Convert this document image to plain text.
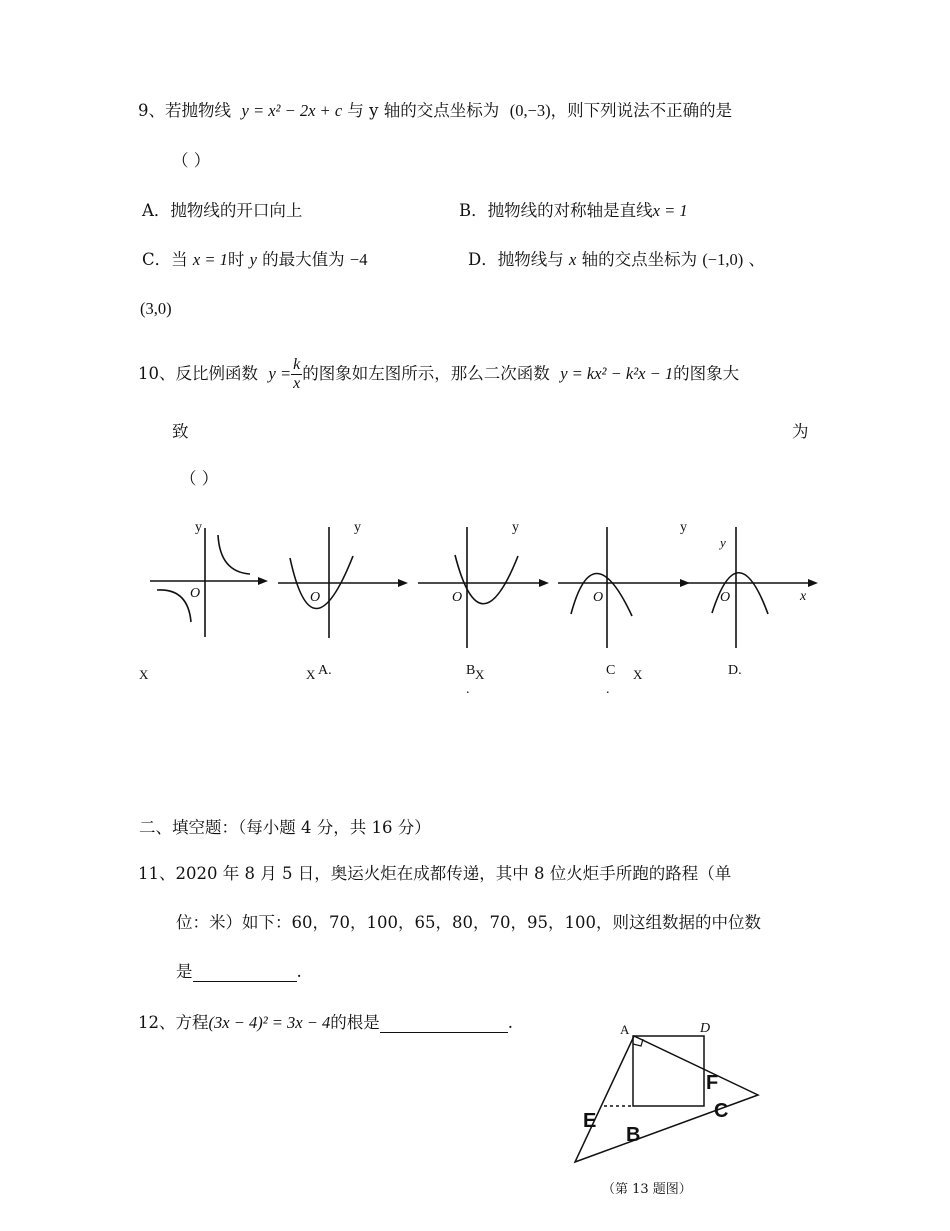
9、若抛物线 y = x² − 2x + c 与 y 轴的交点坐标为 (0,−3)，则下列说法不正确的是
（ ）
A．抛物线的开口向上	B．抛物线的对称轴是直线x = 1
C．当 x = 1时 y 的最大值为 −4	D．抛物线与 x 轴的交点坐标为 (−1,0) 、
(3,0)
10、反比例函数 $y = \frac{k}{x}$ 的图象如左图所示，那么二次函数 y = kx² − k²x − 1的图象大
致	为
（ ）
y	y	y	y
y
O	O	O	O	O	x
X	X A.	B X
.
C
.
X	D.
二、填空题：（每小题 4 分，共 16 分）
11、2020 年 8 月 5 日，奥运火炬在成都传递，其中 8 位火炬手所跑的路程（单
位：米）如下：60，70，100，65，80，70，95，100，则这组数据的中位数
是	.
12、方程(3x − 4)² = 3x − 4的根是	.	A	D
F
C
E
B
（第 13 题图）
